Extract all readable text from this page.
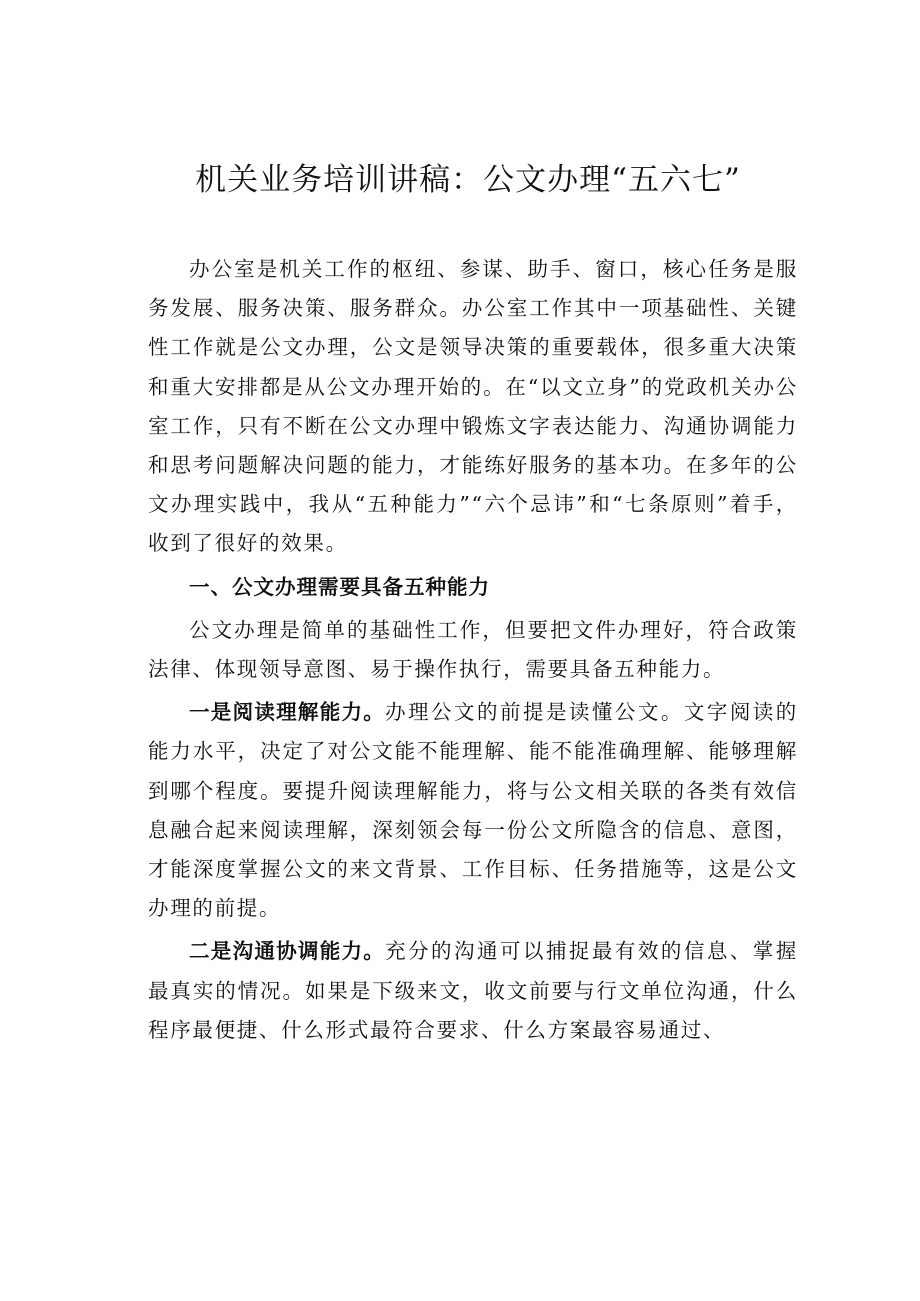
机关业务培训讲稿：公文办理“五六七”

办公室是机关工作的枢纽、参谋、助手、窗口，核心任务是服务发展、服务决策、服务群众。办公室工作其中一项基础性、关键性工作就是公文办理，公文是领导决策的重要载体，很多重大决策和重大安排都是从公文办理开始的。在“以文立身”的党政机关办公室工作，只有不断在公文办理中锻炼文字表达能力、沟通协调能力和思考问题解决问题的能力，才能练好服务的基本功。在多年的公文办理实践中，我从“五种能力”“六个忌讳”和“七条原则”着手，收到了很好的效果。

一、公文办理需要具备五种能力

公文办理是简单的基础性工作，但要把文件办理好，符合政策法律、体现领导意图、易于操作执行，需要具备五种能力。

一是阅读理解能力。办理公文的前提是读懂公文。文字阅读的能力水平，决定了对公文能不能理解、能不能准确理解、能够理解到哪个程度。要提升阅读理解能力，将与公文相关联的各类有效信息融合起来阅读理解，深刻领会每一份公文所隐含的信息、意图，才能深度掌握公文的来文背景、工作目标、任务措施等，这是公文办理的前提。

二是沟通协调能力。充分的沟通可以捕捉最有效的信息、掌握最真实的情况。如果是下级来文，收文前要与行文单位沟通，什么程序最便捷、什么形式最符合要求、什么方案最容易通过、
